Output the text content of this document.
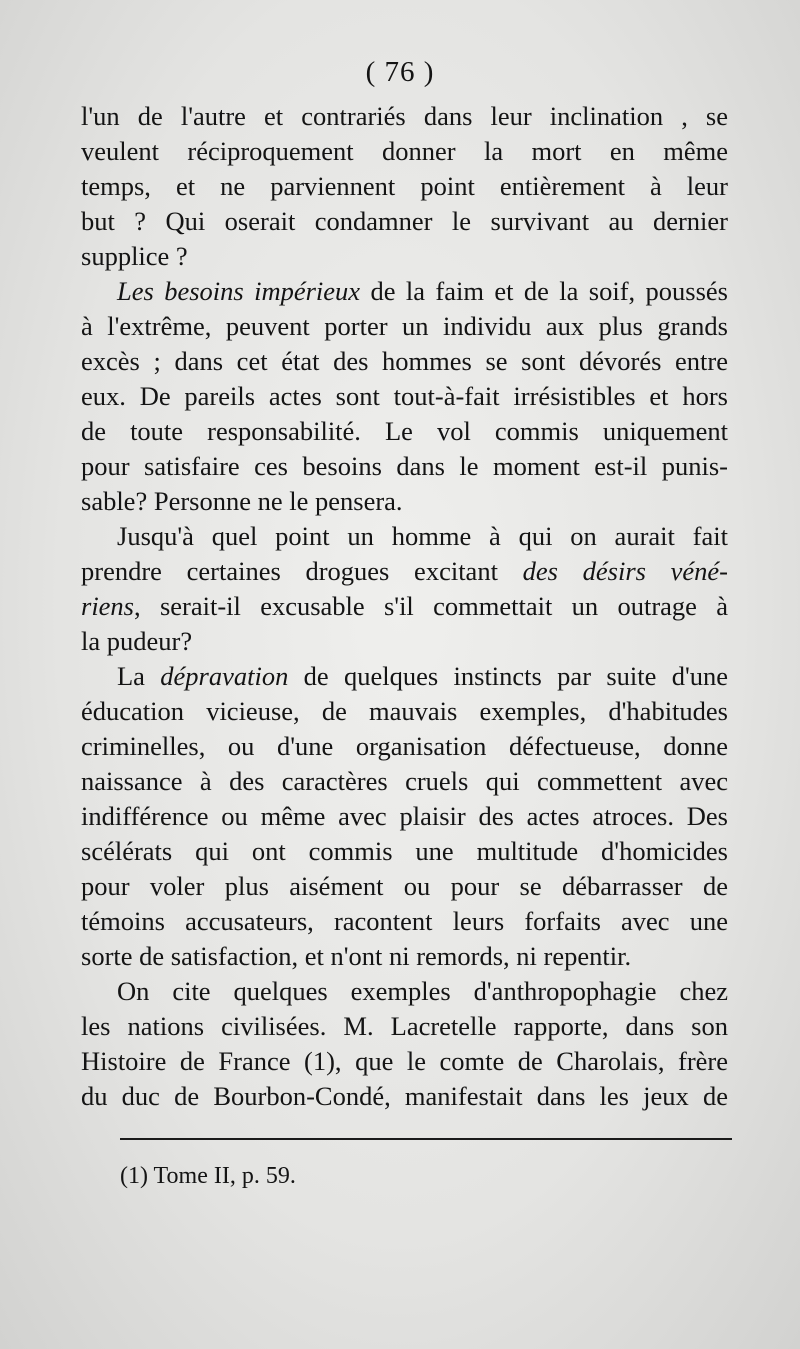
( 76 )

l'un de l'autre et contrariés dans leur inclination , se

veulent réciproquement donner la mort en même

temps, et ne parviennent point entièrement à leur

but ? Qui oserait condamner le survivant au dernier

supplice ?

Les besoins impérieux de la faim et de la soif, poussés

à l'extrême, peuvent porter un individu aux plus grands

excès ; dans cet état des hommes se sont dévorés entre

eux. De pareils actes sont tout-à-fait irrésistibles et hors

de toute responsabilité. Le vol commis uniquement

pour satisfaire ces besoins dans le moment est-il punis-

sable? Personne ne le pensera.

Jusqu'à quel point un homme à qui on aurait fait

prendre certaines drogues excitant des désirs véné-

riens, serait-il excusable s'il commettait un outrage à

la pudeur?

La dépravation de quelques instincts par suite d'une

éducation vicieuse, de mauvais exemples, d'habitudes

criminelles, ou d'une organisation défectueuse, donne

naissance à des caractères cruels qui commettent avec

indifférence ou même avec plaisir des actes atroces. Des

scélérats qui ont commis une multitude d'homicides

pour voler plus aisément ou pour se débarrasser de

témoins accusateurs, racontent leurs forfaits avec une

sorte de satisfaction, et n'ont ni remords, ni repentir.

On cite quelques exemples d'anthropophagie chez

les nations civilisées. M. Lacretelle rapporte, dans son

Histoire de France (1), que le comte de Charolais, frère

du duc de Bourbon-Condé, manifestait dans les jeux de

(1) Tome II, p. 59.
